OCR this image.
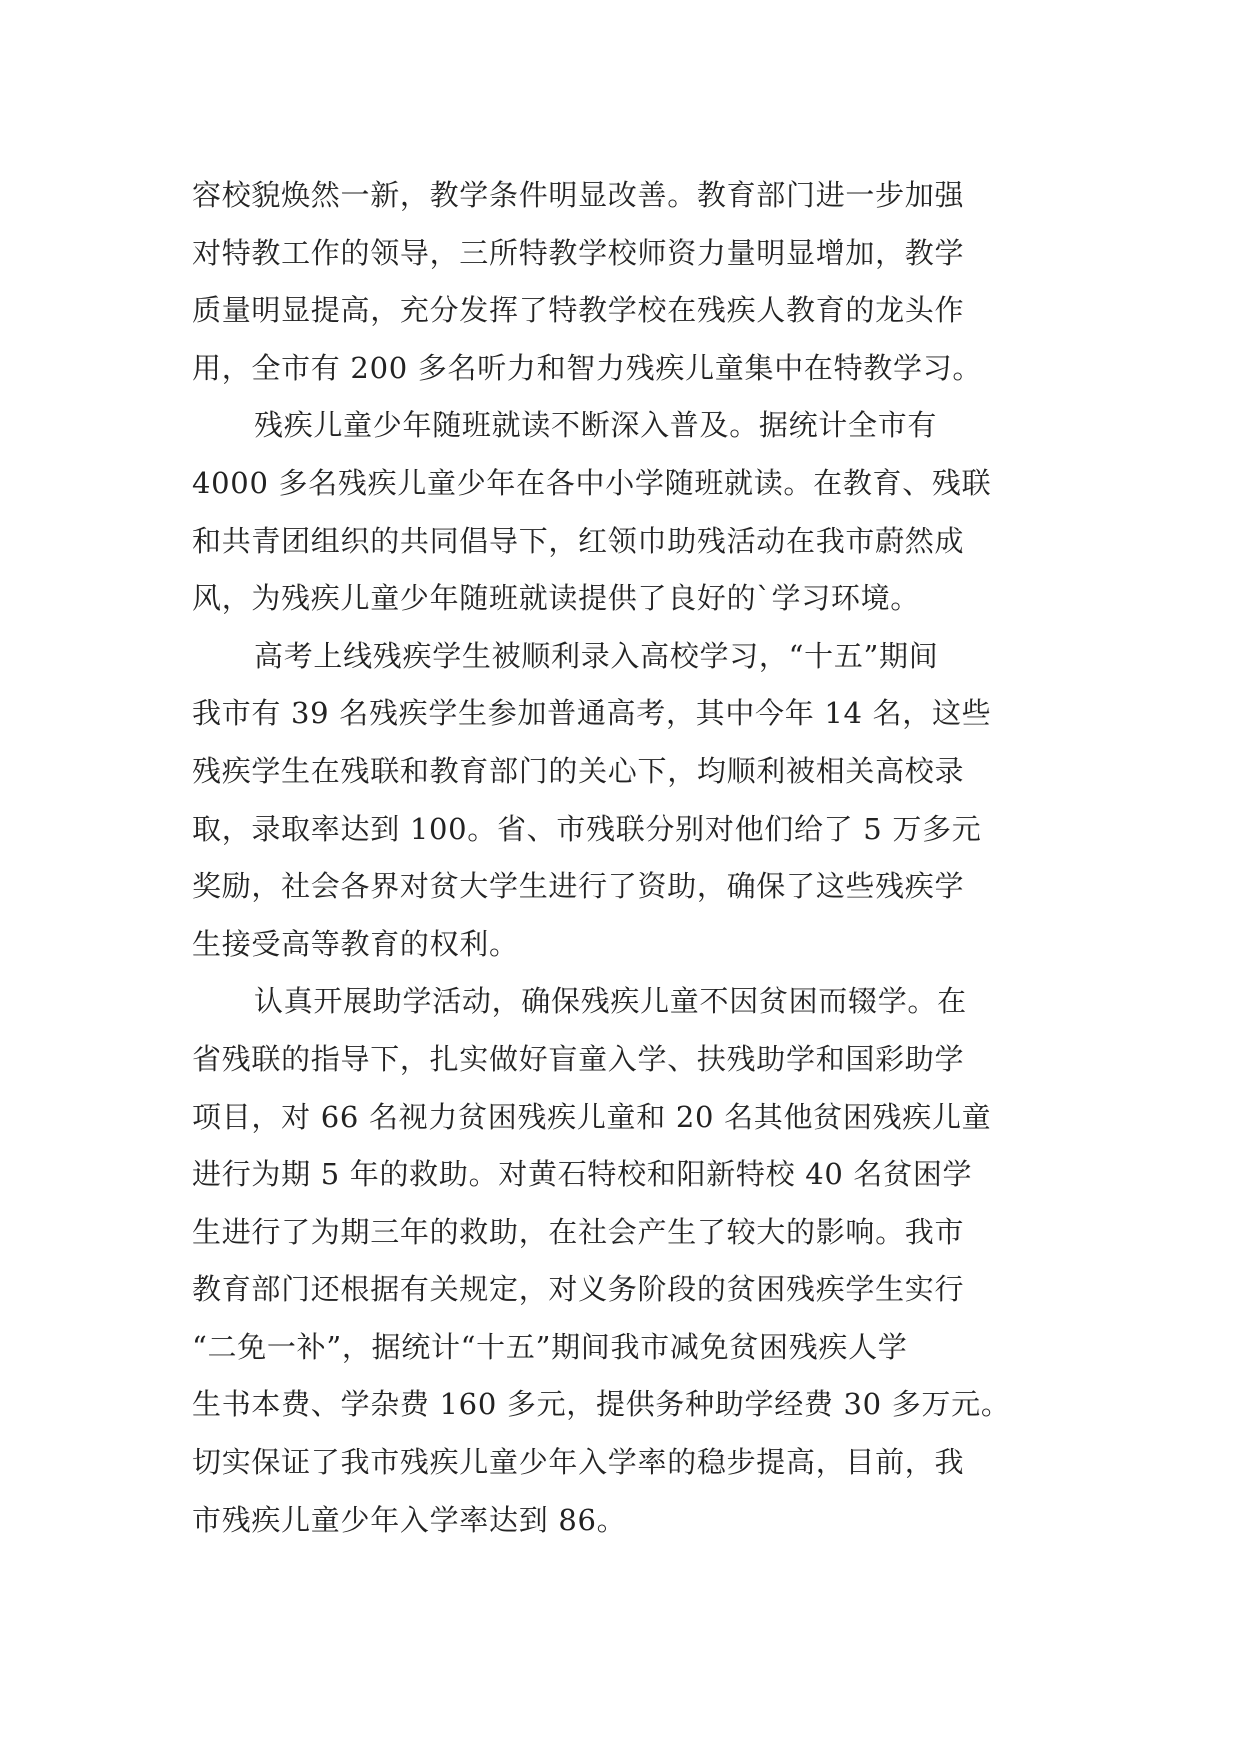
容校貌焕然一新，教学条件明显改善。教育部门进一步加强
对特教工作的领导，三所特教学校师资力量明显增加，教学
质量明显提高，充分发挥了特教学校在残疾人教育的龙头作
用，全市有 200 多名听力和智力残疾儿童集中在特教学习。
残疾儿童少年随班就读不断深入普及。据统计全市有
4000 多名残疾儿童少年在各中小学随班就读。在教育、残联
和共青团组织的共同倡导下，红领巾助残活动在我市蔚然成
风，为残疾儿童少年随班就读提供了良好的`学习环境。
高考上线残疾学生被顺利录入高校学习，“十五”期间
我市有 39 名残疾学生参加普通高考，其中今年 14 名，这些
残疾学生在残联和教育部门的关心下，均顺利被相关高校录
取，录取率达到 100。省、市残联分别对他们给了 5 万多元
奖励，社会各界对贫大学生进行了资助，确保了这些残疾学
生接受高等教育的权利。
认真开展助学活动，确保残疾儿童不因贫困而辍学。在
省残联的指导下，扎实做好盲童入学、扶残助学和国彩助学
项目，对 66 名视力贫困残疾儿童和 20 名其他贫困残疾儿童
进行为期 5 年的救助。对黄石特校和阳新特校 40 名贫困学
生进行了为期三年的救助，在社会产生了较大的影响。我市
教育部门还根据有关规定，对义务阶段的贫困残疾学生实行
“二免一补”，据统计“十五”期间我市减免贫困残疾人学
生书本费、学杂费 160 多元，提供务种助学经费 30 多万元。
切实保证了我市残疾儿童少年入学率的稳步提高，目前，我
市残疾儿童少年入学率达到 86。
